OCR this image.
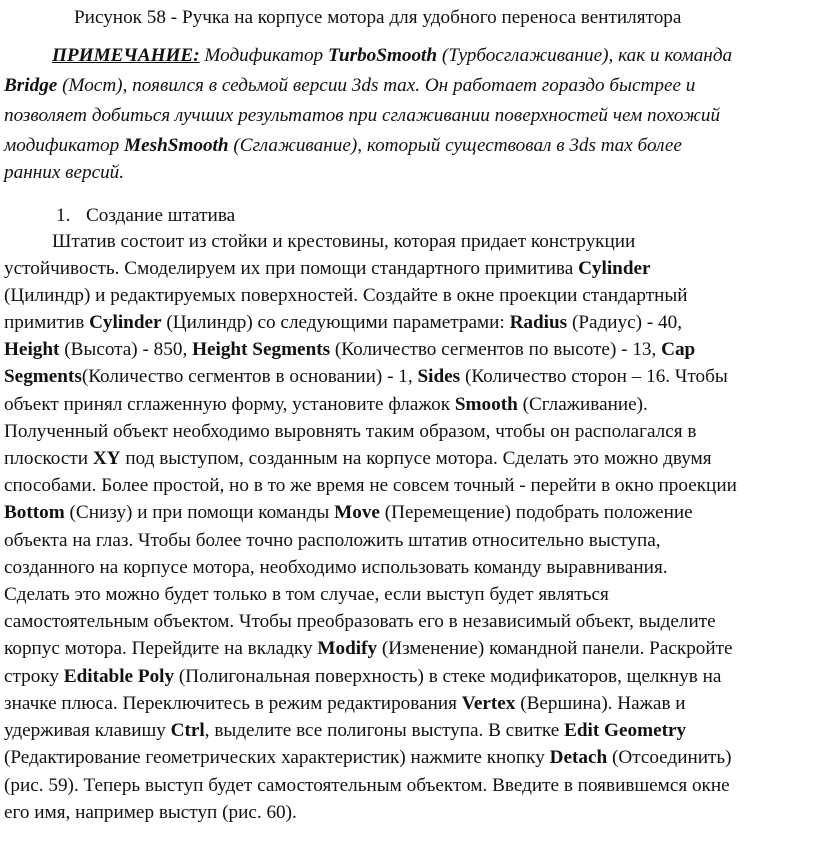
Рисунок 58 - Ручка на корпусе мотора для удобного переноса вентилятора
ПРИМЕЧАНИЕ: Модификатор TurboSmooth (Турбосглаживание), как и команда
Bridge (Мост), появился в седьмой версии 3ds max. Он работает гораздо быстрее и
позволяет добиться лучших результатов при сглаживании поверхностей чем похожий
модификатор MeshSmooth (Сглаживание), который существовал в 3ds max более
ранних версий.
1. Создание штатива
Штатив состоит из стойки и крестовины, которая придает конструкции
устойчивость. Смоделируем их при помощи стандартного примитива Cylinder
(Цилиндр) и редактируемых поверхностей. Создайте в окне проекции стандартный
примитив Cylinder (Цилиндр) со следующими параметрами: Radius (Радиус) - 40,
Height (Высота) - 850, Height Segments (Количество сегментов по высоте) - 13, Cap
Segments(Количество сегментов в основании) - 1, Sides (Количество сторон – 16. Чтобы
объект принял сглаженную форму, установите флажок Smooth (Сглаживание).
Полученный объект необходимо выровнять таким образом, чтобы он располагался в
плоскости XY под выступом, созданным на корпусе мотора. Сделать это можно двумя
способами. Более простой, но в то же время не совсем точный - перейти в окно проекции
Bottom (Снизу) и при помощи команды Move (Перемещение) подобрать положение
объекта на глаз. Чтобы более точно расположить штатив относительно выступа,
созданного на корпусе мотора, необходимо использовать команду выравнивания.
Сделать это можно будет только в том случае, если выступ будет являться
самостоятельным объектом. Чтобы преобразовать его в независимый объект, выделите
корпус мотора. Перейдите на вкладку Modify (Изменение) командной панели. Раскройте
строку Editable Poly (Полигональная поверхность) в стеке модификаторов, щелкнув на
значке плюса. Переключитесь в режим редактирования Vertex (Вершина). Нажав и
удерживая клавишу Ctrl, выделите все полигоны выступа. В свитке Edit Geometry
(Редактирование геометрических характеристик) нажмите кнопку Detach (Отсоединить)
(рис. 59). Теперь выступ будет самостоятельным объектом. Введите в появившемся окне
его имя, например выступ (рис. 60).
